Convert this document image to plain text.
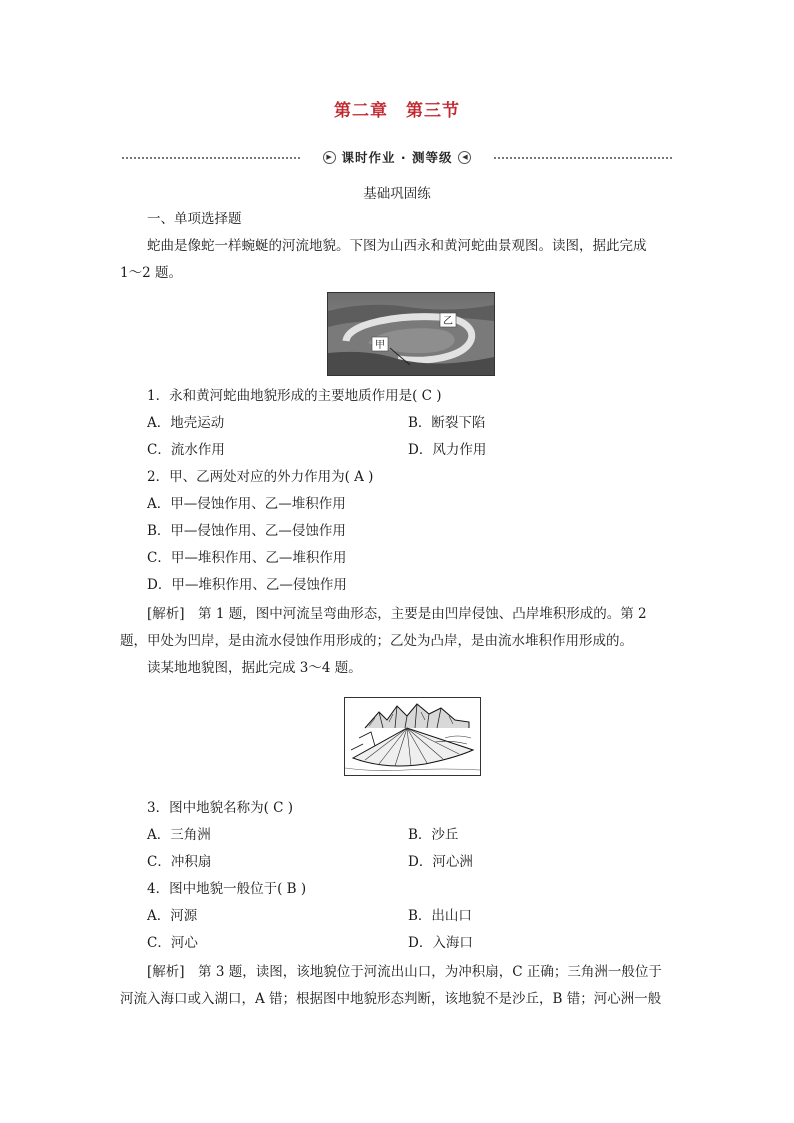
第二章　第三节
▶ 课时作业 · 测等级	◀
基础巩固练
一、单项选择题
蛇曲是像蛇一样蜿蜒的河流地貌。下图为山西永和黄河蛇曲景观图。读图，据此完成
1～2 题。
乙
甲
1．永和黄河蛇曲地貌形成的主要地质作用是( C )
A．地壳运动	B．断裂下陷
C．流水作用	D．风力作用
2．甲、乙两处对应的外力作用为( A )
A．甲—侵蚀作用、乙—堆积作用
B．甲—侵蚀作用、乙—侵蚀作用
C．甲—堆积作用、乙—堆积作用
D．甲—堆积作用、乙—侵蚀作用
[解析]　第 1 题，图中河流呈弯曲形态，主要是由凹岸侵蚀、凸岸堆积形成的。第 2
题，甲处为凹岸，是由流水侵蚀作用形成的；乙处为凸岸，是由流水堆积作用形成的。
读某地地貌图，据此完成 3～4 题。
3．图中地貌名称为( C )
A．三角洲	B．沙丘
C．冲积扇	D．河心洲
4．图中地貌一般位于( B )
A．河源	B．出山口
C．河心	D．入海口
[解析]　第 3 题，读图，该地貌位于河流出山口，为冲积扇，C 正确；三角洲一般位于
河流入海口或入湖口，A 错；根据图中地貌形态判断，该地貌不是沙丘，B 错；河心洲一般
